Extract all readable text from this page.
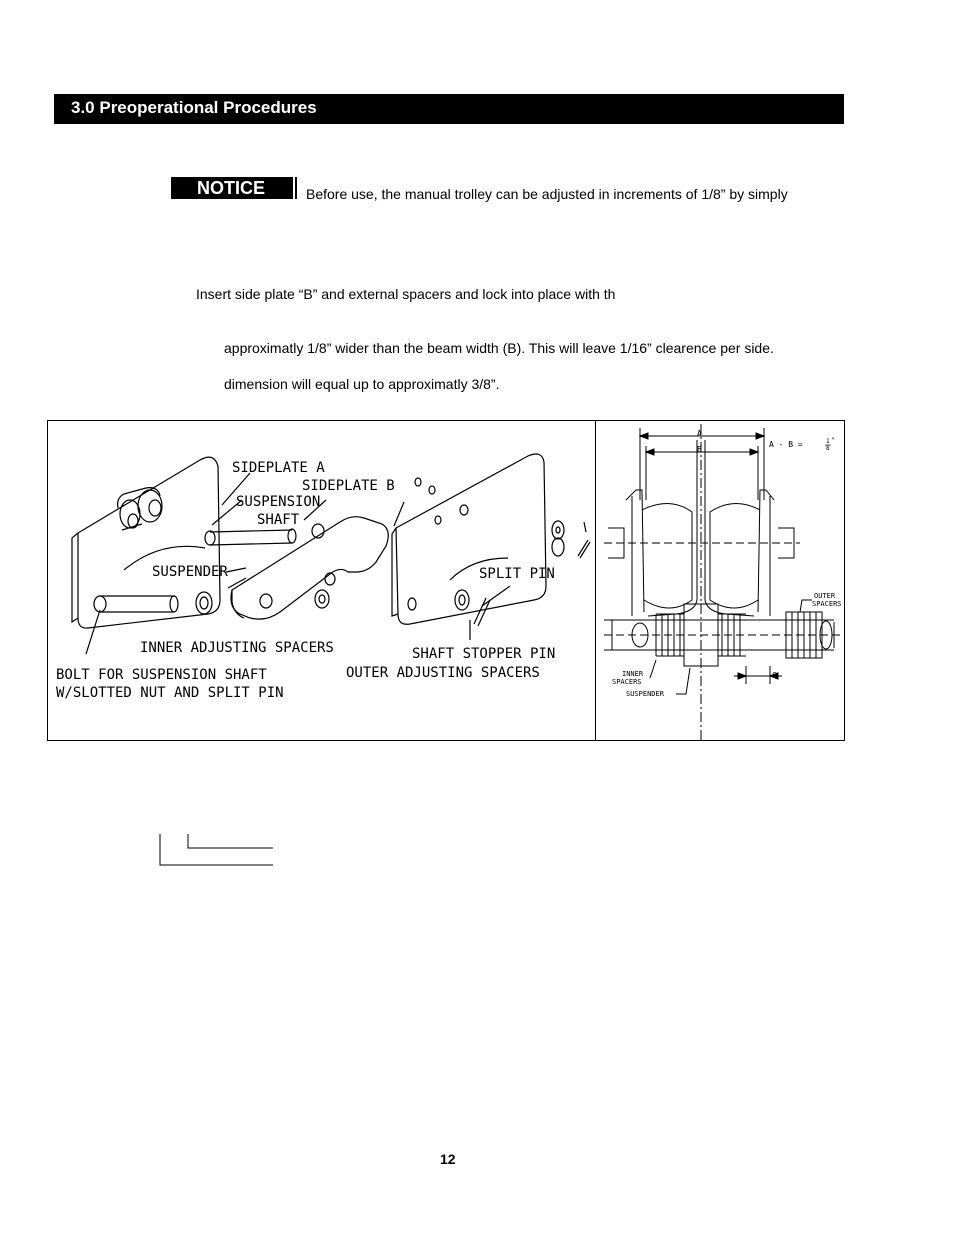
3.0 Preoperational Procedures
NOTICE	Before use, the manual trolley can be adjusted in increments of 1/8” by simply
Insert side plate “B” and external spacers and lock into place with th
approximatly 1/8” wider than the beam width (B). This will leave 1/16” clearence per side.
dimension will equal up to approximatly 3/8”.
SIDEPLATE A
SIDEPLATE B
SUSPENSION
SHAFT
SUSPENDER	SPLIT PIN
INNER ADJUSTING SPACERS	SHAFT STOPPER PIN
BOLT FOR SUSPENSION SHAFT
W/SLOTTED NUT AND SPLIT PIN
OUTER ADJUSTING SPACERS
A
B
A - B =
OUTER
SPACERS
INNER
SPACERS
SUSPENDER
C
1
8
"
12
